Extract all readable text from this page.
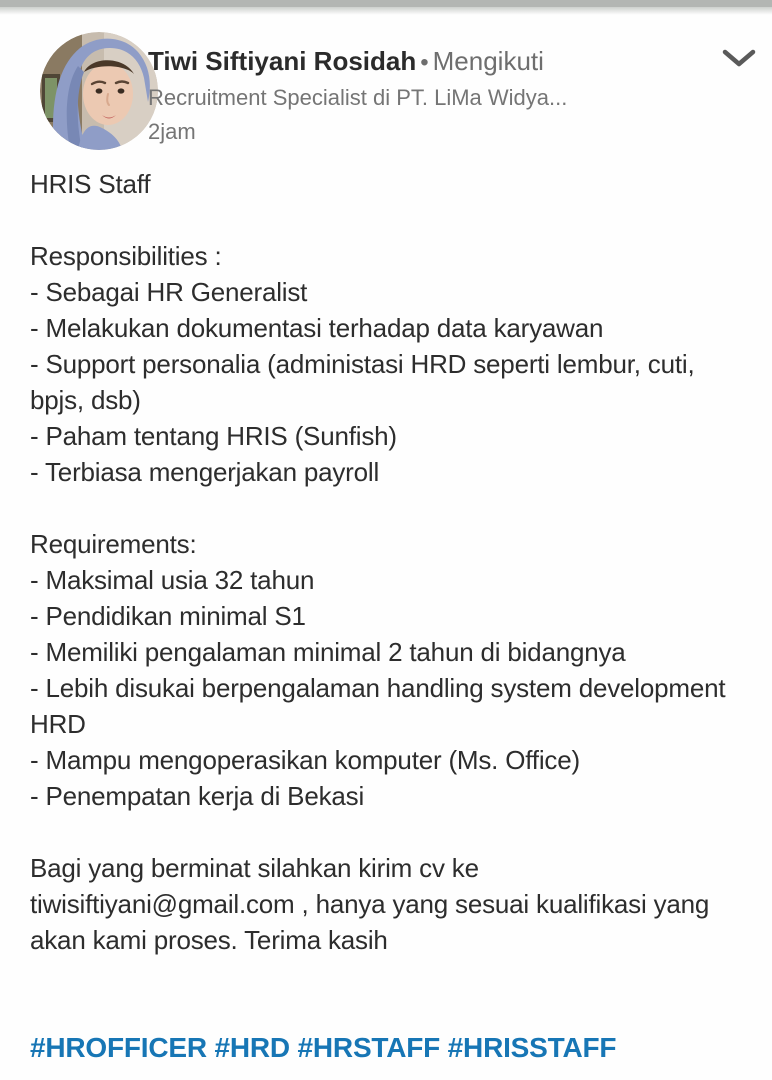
Tiwi Siftiyani Rosidah • Mengikuti
Recruitment Specialist di PT. LiMa Widya...
2jam
HRIS Staff

Responsibilities :
- Sebagai HR Generalist
- Melakukan dokumentasi terhadap data karyawan
- Support personalia (administasi HRD seperti lembur, cuti,
bpjs, dsb)
- Paham tentang HRIS (Sunfish)
- Terbiasa mengerjakan payroll

Requirements:
- Maksimal usia 32 tahun
- Pendidikan minimal S1
- Memiliki pengalaman minimal 2 tahun di bidangnya
- Lebih disukai berpengalaman handling system development
HRD
- Mampu mengoperasikan komputer (Ms. Office)
- Penempatan kerja di Bekasi

Bagi yang berminat silahkan kirim cv ke
tiwisiftiyani@gmail.com , hanya yang sesuai kualifikasi yang
akan kami proses. Terima kasih
#HROFFICER #HRD #HRSTAFF #HRISSTAFF
